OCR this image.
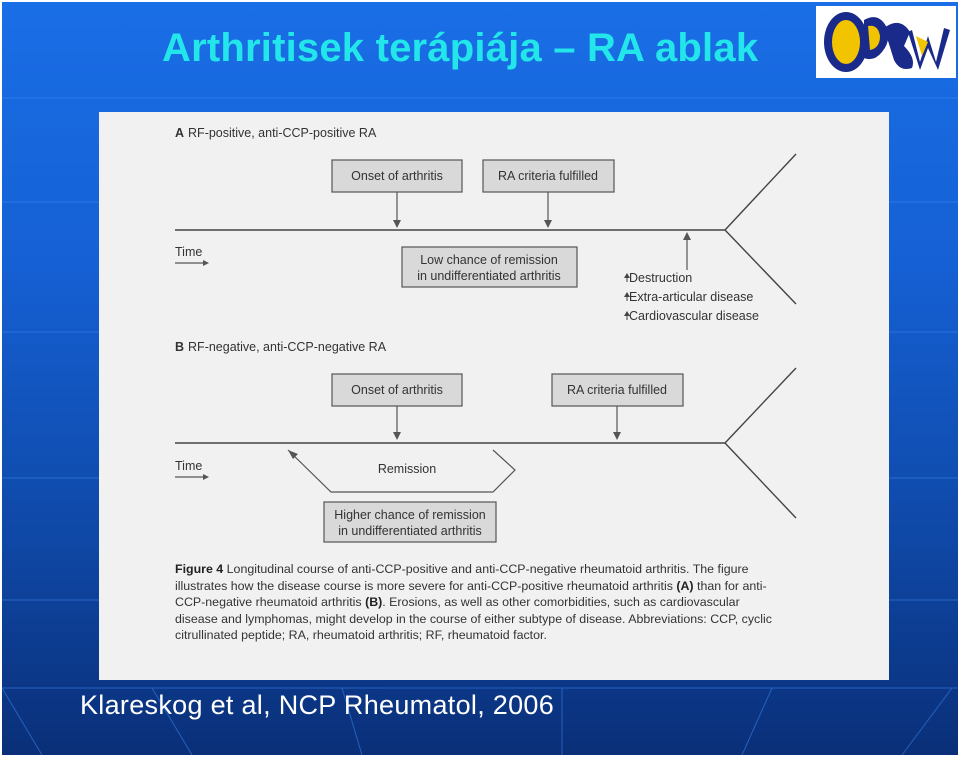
Arthritisek terápiája – RA ablak
A RF-positive, anti-CCP-positive RA
Onset of arthritis	RA criteria fulfilled
Time
Low chance of remission
in undifferentiated arthritis	Destruction
Extra-articular disease
Cardiovascular disease
B RF-negative, anti-CCP-negative RA
Onset of arthritis	RA criteria fulfilled
Time	Remission
Higher chance of remission
in undifferentiated arthritis
Figure 4 Longitudinal course of anti-CCP-positive and anti-CCP-negative rheumatoid arthritis. The figure illustrates how the disease course is more severe for anti-CCP-positive rheumatoid arthritis (A) than for anti-CCP-negative rheumatoid arthritis (B). Erosions, as well as other comorbidities, such as cardiovascular disease and lymphomas, might develop in the course of either subtype of disease. Abbreviations: CCP, cyclic citrullinated peptide; RA, rheumatoid arthritis; RF, rheumatoid factor.
Klareskog et al, NCP Rheumatol, 2006
